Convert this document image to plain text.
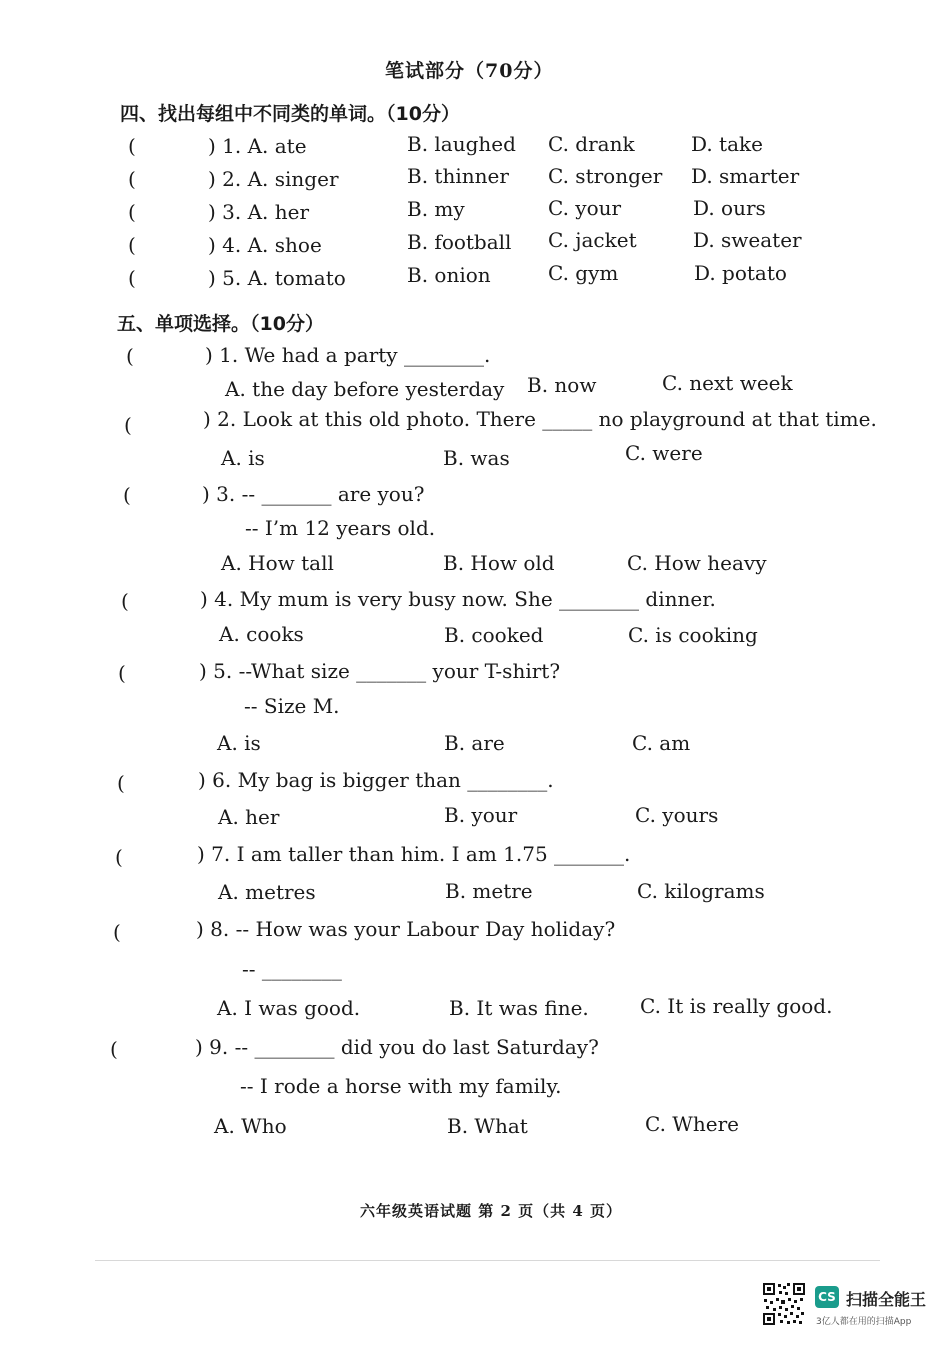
笔试部分（70分）
四、找出每组中不同类的单词。（10分）
(	) 1. A. ate	B. laughed C. drank	D. take
(	) 2. A. singer	B. thinner C. stronger D. smarter
(	) 3. A. her	B. my	C. your	D. ours
(	) 4. A. shoe	B. football C. jacket	D. sweater
(	) 5. A. tomato	B. onion	C. gym	D. potato
五、单项选择。（10分）
(	) 1. We had a party ________.
A. the day before yesterday B. now	C. next week
(	) 2. Look at this old photo. There _____ no playground at that time.
A. is	B. was	C. were
(	) 3. -- _______ are you?
-- I’m 12 years old.
A. How tall	B. How old	C. How heavy
(	) 4. My mum is very busy now. She ________ dinner.
A. cooks	B. cooked	C. is cooking
(	) 5. --What size _______ your T-shirt?
-- Size M.
A. is	B. are	C. am
(	) 6. My bag is bigger than ________.
A. her	B. your	C. yours
(	) 7. I am taller than him. I am 1.75 _______.
A. metres	B. metre	C. kilograms
(	) 8. -- How was your Labour Day holiday?
-- ________
A. I was good.	B. It was fine.	C. It is really good.
(	) 9. -- ________ did you do last Saturday?
-- I rode a horse with my family.
A. Who	B. What	C. Where
六年级英语试题 第 2 页（共 4 页）
CS 扫描全能王
3亿人都在用的扫描App
